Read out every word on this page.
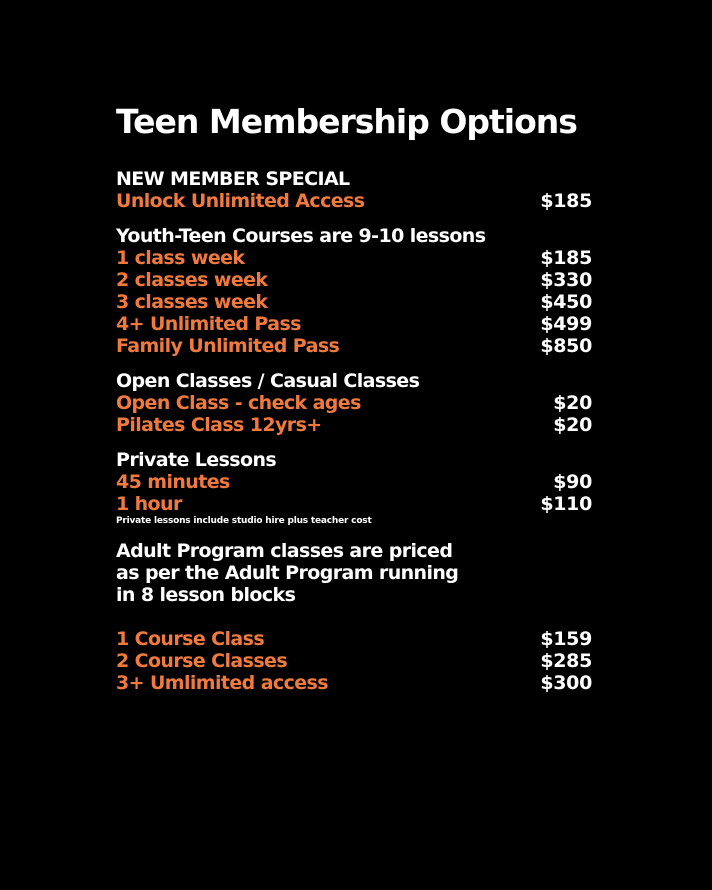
Teen Membership Options
NEW MEMBER SPECIAL
Unlock Unlimited Access	$185
Youth-Teen Courses are 9-10 lessons
1 class week	$185
2 classes week	$330
3 classes week	$450
4+ Unlimited Pass	$499
Family Unlimited Pass	$850
Open Classes / Casual Classes
Open Class - check ages	$20
Pilates Class 12yrs+	$20
Private Lessons
45 minutes	$90
1 hour	$110
Private lessons include studio hire plus teacher cost
Adult Program classes are priced
as per the Adult Program running
in 8 lesson blocks
1 Course Class	$159
2 Course Classes	$285
3+ Umlimited access	$300
